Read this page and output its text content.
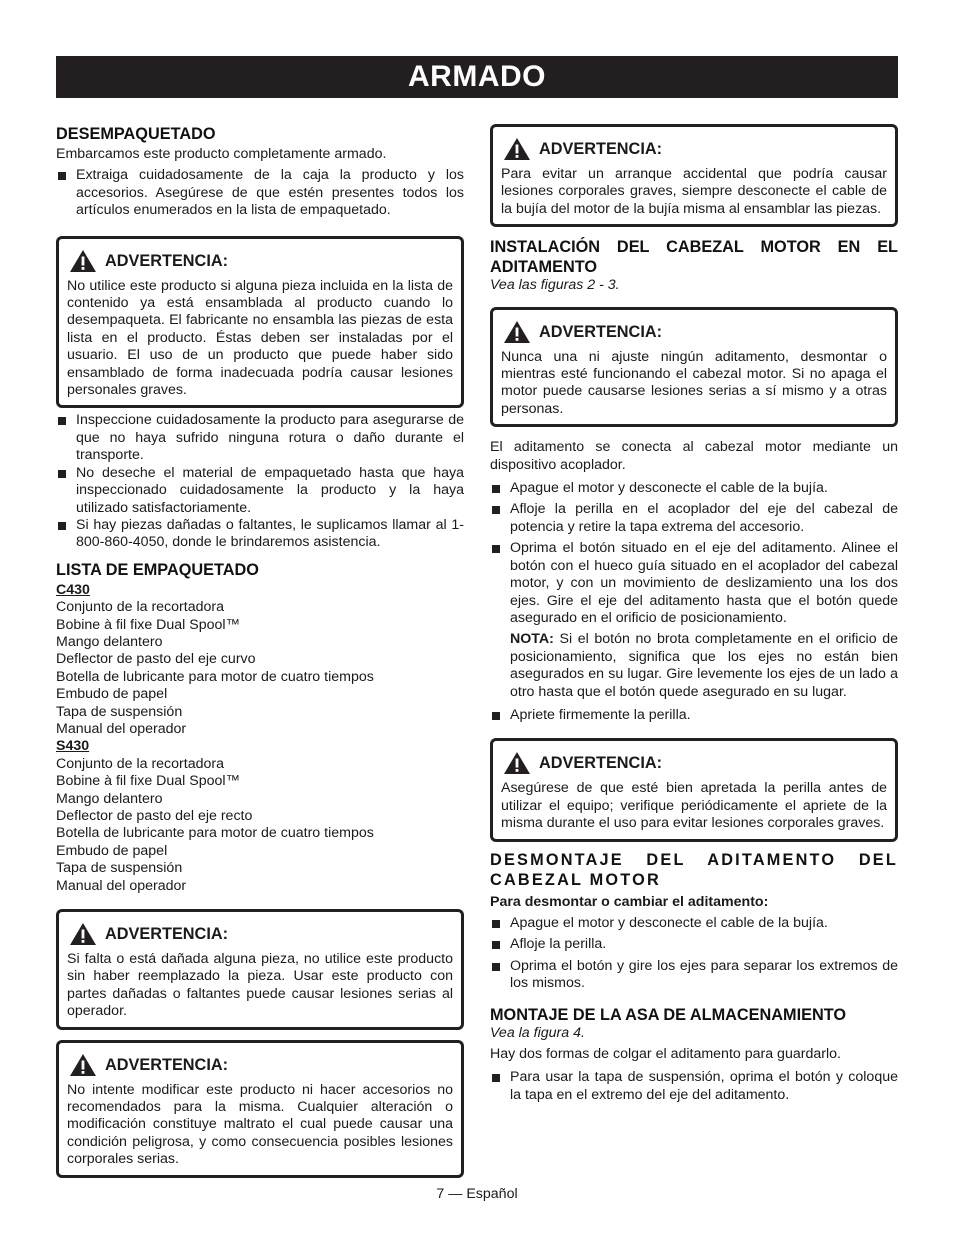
ARMADO
DESEMPAQUETADO

Embarcamos este producto completamente armado.

Extraiga cuidadosamente de la caja la producto y los accesorios. Asegúrese de que estén presentes todos los artículos enumerados en la lista de empaquetado.
ADVERTENCIA:

No utilice este producto si alguna pieza incluida en la lista de contenido ya está ensamblada al producto cuando lo desempaqueta. El fabricante no ensambla las piezas de esta lista en el producto. Éstas deben ser instaladas por el usuario. El uso de un producto que puede haber sido ensamblado de forma inadecuada podría causar lesiones personales graves.

Inspeccione cuidadosamente la producto para asegurarse de que no haya sufrido ninguna rotura o daño durante el transporte.
No deseche el material de empaquetado hasta que haya inspeccionado cuidadosamente la producto y la haya utilizado satisfactoriamente.
Si hay piezas dañadas o faltantes, le suplicamos llamar al 1-800-860-4050, donde le brindaremos asistencia.
LISTA DE EMPAQUETADO
C430
Conjunto de la recortadora
Bobine à fil fixe Dual Spool™
Mango delantero
Deflector de pasto del eje curvo
Botella de lubricante para motor de cuatro tiempos
Embudo de papel
Tapa de suspensión
Manual del operador
S430
Conjunto de la recortadora
Bobine à fil fixe Dual Spool™
Mango delantero
Deflector de pasto del eje recto
Botella de lubricante para motor de cuatro tiempos
Embudo de papel
Tapa de suspensión
Manual del operador
ADVERTENCIA:

Si falta o está dañada alguna pieza, no utilice este producto sin haber reemplazado la pieza. Usar este producto con partes dañadas o faltantes puede causar lesiones serias al operador.

ADVERTENCIA:

No intente modificar este producto ni hacer accesorios no recomendados para la misma. Cualquier alteración o modificación constituye maltrato el cual puede causar una condición peligrosa, y como consecuencia posibles lesiones corporales serias.

ADVERTENCIA:

Para evitar un arranque accidental que podría causar lesiones corporales graves, siempre desconecte el cable de la bujía del motor de la bujía misma al ensamblar las piezas.

INSTALACIÓN DEL CABEZAL MOTOR EN EL ADITAMENTO

Vea las figuras 2 - 3.

ADVERTENCIA:

Nunca una ni ajuste ningún aditamento, desmontar o mientras esté funcionando el cabezal motor. Si no apaga el motor puede causarse lesiones serias a sí mismo y a otras personas.

El aditamento se conecta al cabezal motor mediante un dispositivo acoplador.

Apague el motor y desconecte el cable de la bujía.
Afloje la perilla en el acoplador del eje del cabezal de potencia y retire la tapa extrema del accesorio.
Oprima el botón situado en el eje del aditamento. Alinee el botón con el hueco guía situado en el acoplador del cabezal motor, y con un movimiento de deslizamiento una los dos ejes. Gire el eje del aditamento hasta que el botón quede asegurado en el orificio de posicionamiento.

NOTA: Si el botón no brota completamente en el orificio de posicionamiento, significa que los ejes no están bien asegurados en su lugar. Gire levemente los ejes de un lado a otro hasta que el botón quede asegurado en su lugar.

Apriete firmemente la perilla.
ADVERTENCIA:

Asegúrese de que esté bien apretada la perilla antes de utilizar el equipo; verifique periódicamente el apriete de la misma durante el uso para evitar lesiones corporales graves.

DESMONTAJE DEL ADITAMENTO DEL CABEZAL MOTOR

Para desmontar o cambiar el aditamento:

Apague el motor y desconecte el cable de la bujía.
Afloje la perilla.
Oprima el botón y gire los ejes para separar los extremos de los mismos.
MONTAJE DE LA ASA DE ALMACENAMIENTO

Vea la figura 4.

Hay dos formas de colgar el aditamento para guardarlo.

Para usar la tapa de suspensión, oprima el botón y coloque la tapa en el extremo del eje del aditamento.
7 — Español
